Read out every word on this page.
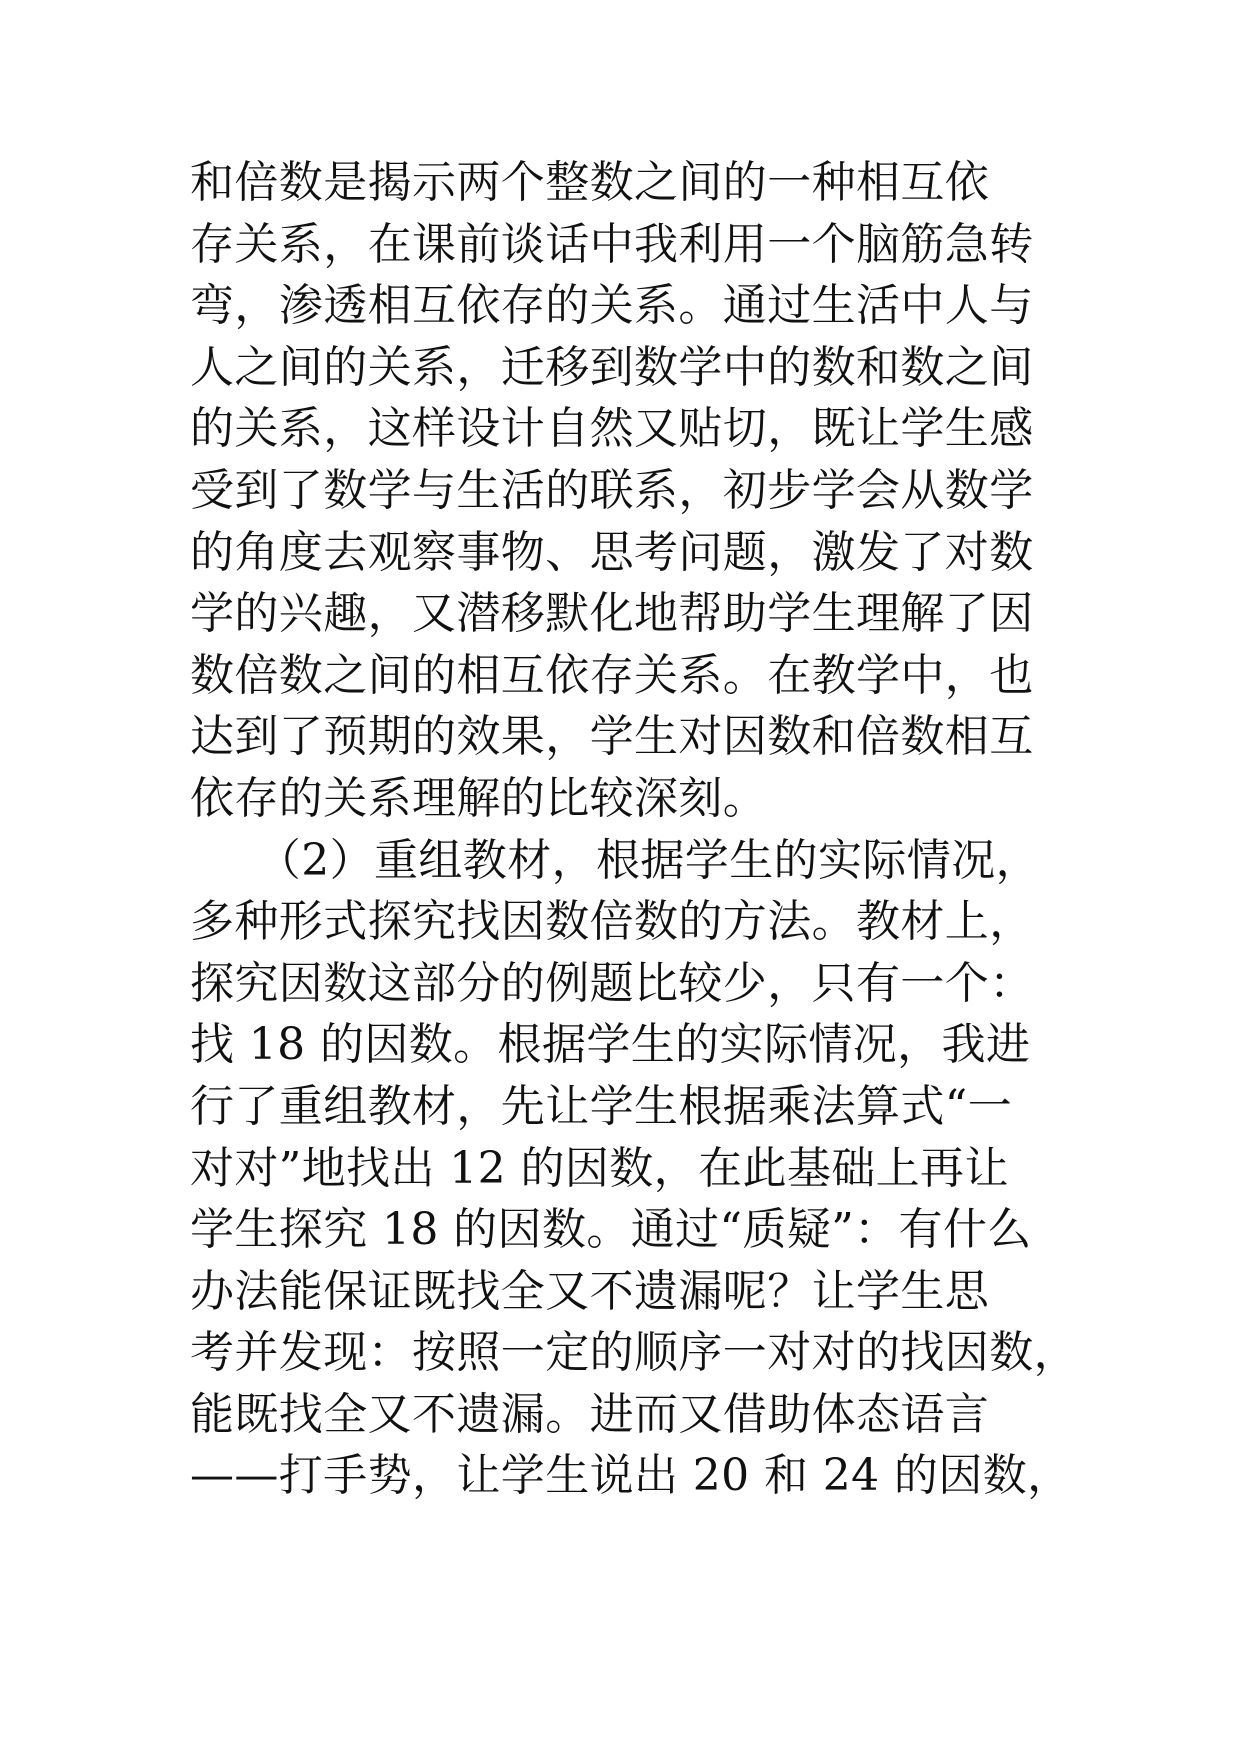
和倍数是揭示两个整数之间的一种相互依
存关系，在课前谈话中我利用一个脑筋急转
弯，渗透相互依存的关系。通过生活中人与
人之间的关系，迁移到数学中的数和数之间
的关系，这样设计自然又贴切，既让学生感
受到了数学与生活的联系，初步学会从数学
的角度去观察事物、思考问题，激发了对数
学的兴趣，又潜移默化地帮助学生理解了因
数倍数之间的相互依存关系。在教学中，也
达到了预期的效果，学生对因数和倍数相互
依存的关系理解的比较深刻。
　　（2）重组教材，根据学生的实际情况，
多种形式探究找因数倍数的方法。教材上，
探究因数这部分的例题比较少，只有一个：
找 18 的因数。根据学生的实际情况，我进
行了重组教材，先让学生根据乘法算式“一
对对”地找出 12 的因数，在此基础上再让
学生探究 18 的因数。通过“质疑”：有什么
办法能保证既找全又不遗漏呢？让学生思
考并发现：按照一定的顺序一对对的找因数，
能既找全又不遗漏。进而又借助体态语言
——打手势，让学生说出 20 和 24 的因数，
